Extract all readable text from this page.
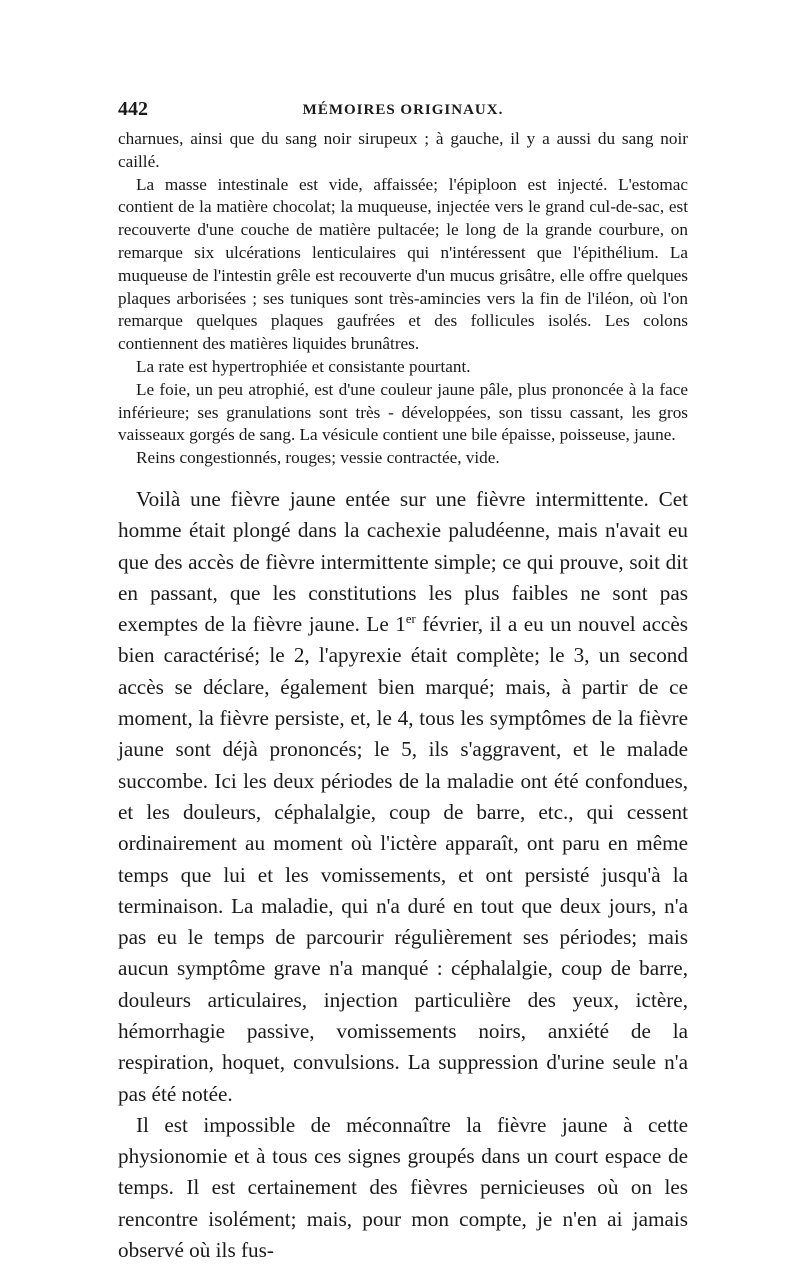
442	MÉMOIRES ORIGINAUX.

charnues, ainsi que du sang noir sirupeux ; à gauche, il y a aussi du sang noir caillé.

La masse intestinale est vide, affaissée; l'épiploon est injecté. L'estomac contient de la matière chocolat; la muqueuse, injectée vers le grand cul-de-sac, est recouverte d'une couche de matière pultacée; le long de la grande courbure, on remarque six ulcérations lenticulaires qui n'intéressent que l'épithélium. La muqueuse de l'intestin grêle est recouverte d'un mucus grisâtre, elle offre quelques plaques arborisées ; ses tuniques sont très-amincies vers la fin de l'iléon, où l'on remarque quelques plaques gaufrées et des follicules isolés. Les colons contiennent des matières liquides brunâtres.

La rate est hypertrophiée et consistante pourtant.

Le foie, un peu atrophié, est d'une couleur jaune pâle, plus prononcée à la face inférieure; ses granulations sont très - développées, son tissu cassant, les gros vaisseaux gorgés de sang. La vésicule contient une bile épaisse, poisseuse, jaune.

Reins congestionnés, rouges; vessie contractée, vide.

Voilà une fièvre jaune entée sur une fièvre intermittente. Cet homme était plongé dans la cachexie paludéenne, mais n'avait eu que des accès de fièvre intermittente simple; ce qui prouve, soit dit en passant, que les constitutions les plus faibles ne sont pas exemptes de la fièvre jaune. Le 1er février, il a eu un nouvel accès bien caractérisé; le 2, l'apyrexie était complète; le 3, un second accès se déclare, également bien marqué; mais, à partir de ce moment, la fièvre persiste, et, le 4, tous les symptômes de la fièvre jaune sont déjà prononcés; le 5, ils s'aggravent, et le malade succombe. Ici les deux périodes de la maladie ont été confondues, et les douleurs, céphalalgie, coup de barre, etc., qui cessent ordinairement au moment où l'ictère apparaît, ont paru en même temps que lui et les vomissements, et ont persisté jusqu'à la terminaison. La maladie, qui n'a duré en tout que deux jours, n'a pas eu le temps de parcourir régulièrement ses périodes; mais aucun symptôme grave n'a manqué : céphalalgie, coup de barre, douleurs articulaires, injection particulière des yeux, ictère, hémorrhagie passive, vomissements noirs, anxiété de la respiration, hoquet, convulsions. La suppression d'urine seule n'a pas été notée.

Il est impossible de méconnaître la fièvre jaune à cette physionomie et à tous ces signes groupés dans un court espace de temps. Il est certainement des fièvres pernicieuses où on les rencontre isolément; mais, pour mon compte, je n'en ai jamais observé où ils fus-
